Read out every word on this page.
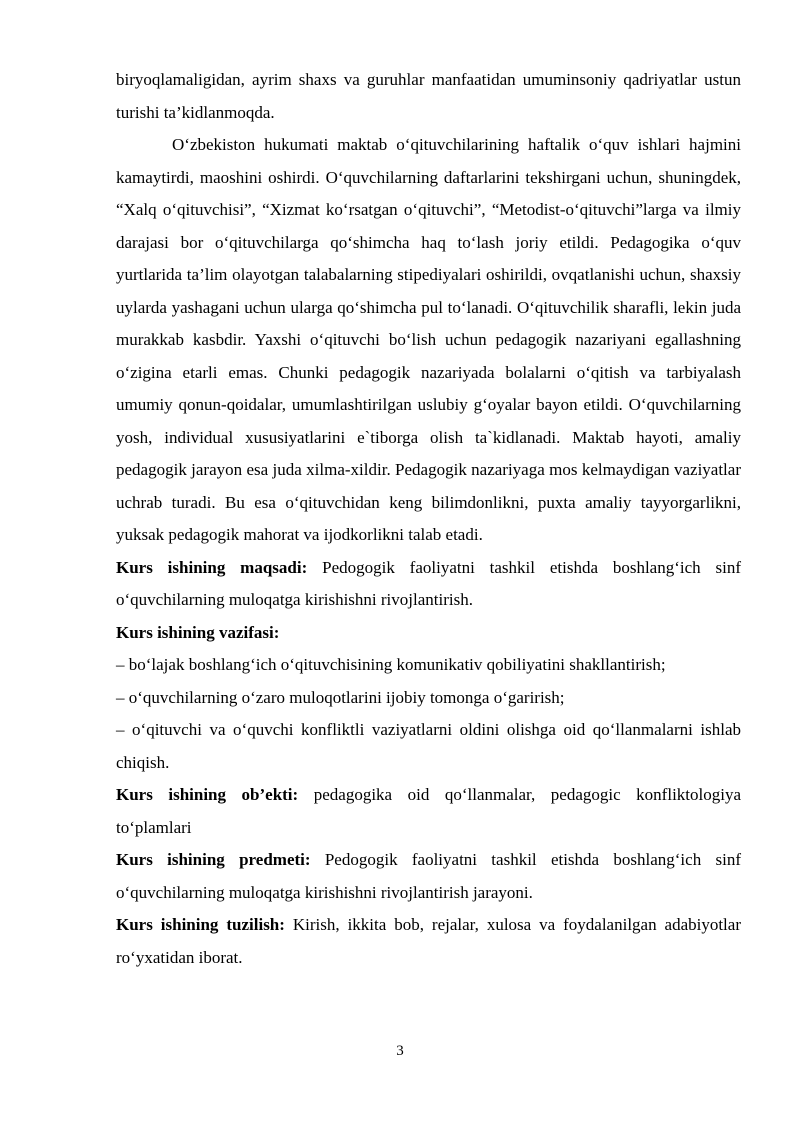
biryoqlamaligidan, ayrim shaxs va guruhlar manfaatidan umuminsoniy qadriyatlar ustun turishi ta’kidlanmoqda.

O‘zbekiston hukumati maktab o‘qituvchilarining haftalik o‘quv ishlari hajmini kamaytirdi, maoshini oshirdi. O‘quvchilarning daftarlarini tekshirgani uchun, shuningdek, “Xalq o‘qituvchisi”, “Xizmat ko‘rsatgan o‘qituvchi”, “Metodist-o‘qituvchi”larga va ilmiy darajasi bor o‘qituvchilarga qo‘shimcha haq to‘lash joriy etildi. Pedagogika o‘quv yurtlarida ta’lim olayotgan talabalarning stipediyalari oshirildi, ovqatlanishi uchun, shaxsiy uylarda yashagani uchun ularga qo‘shimcha pul to‘lanadi. O‘qituvchilik sharafli, lekin juda murakkab kasbdir. Yaxshi o‘qituvchi bo‘lish uchun pedagogik nazariyani egallashning o‘zigina etarli emas. Chunki pedagogik nazariyada bolalarni o‘qitish va tarbiyalash umumiy qonun-qoidalar, umumlashtirilgan uslubiy g‘oyalar bayon etildi. O‘quvchilarning yosh, individual xususiyatlarini e`tiborga olish ta`kidlanadi. Maktab hayoti, amaliy pedagogik jarayon esa juda xilma-xildir. Pedagogik nazariyaga mos kelmaydigan vaziyatlar uchrab turadi. Bu esa o‘qituvchidan keng bilimdonlikni, puxta amaliy tayyorgarlikni, yuksak pedagogik mahorat va ijodkorlikni talab etadi.

Kurs ishining maqsadi: Pedogogik faoliyatni tashkil etishda boshlang‘ich sinf o‘quvchilarning muloqatga kirishishni rivojlantirish.

Kurs ishining vazifasi:

– bo‘lajak boshlang‘ich o‘qituvchisining komunikativ qobiliyatini shakllantirish;

– o‘quvchilarning o‘zaro muloqotlarini ijobiy tomonga o‘garirish;

– o‘qituvchi va o‘quvchi konfliktli vaziyatlarni oldini olishga oid qo‘llanmalarni ishlab chiqish.

Kurs ishining ob’ekti: pedagogika oid qo‘llanmalar, pedagogic konfliktologiya to‘plamlari

Kurs ishining predmeti: Pedogogik faoliyatni tashkil etishda boshlang‘ich sinf o‘quvchilarning muloqatga kirishishni rivojlantirish jarayoni.

Kurs ishining tuzilish: Kirish, ikkita bob, rejalar, xulosa va foydalanilgan adabiyotlar ro‘yxatidan iborat.

3
